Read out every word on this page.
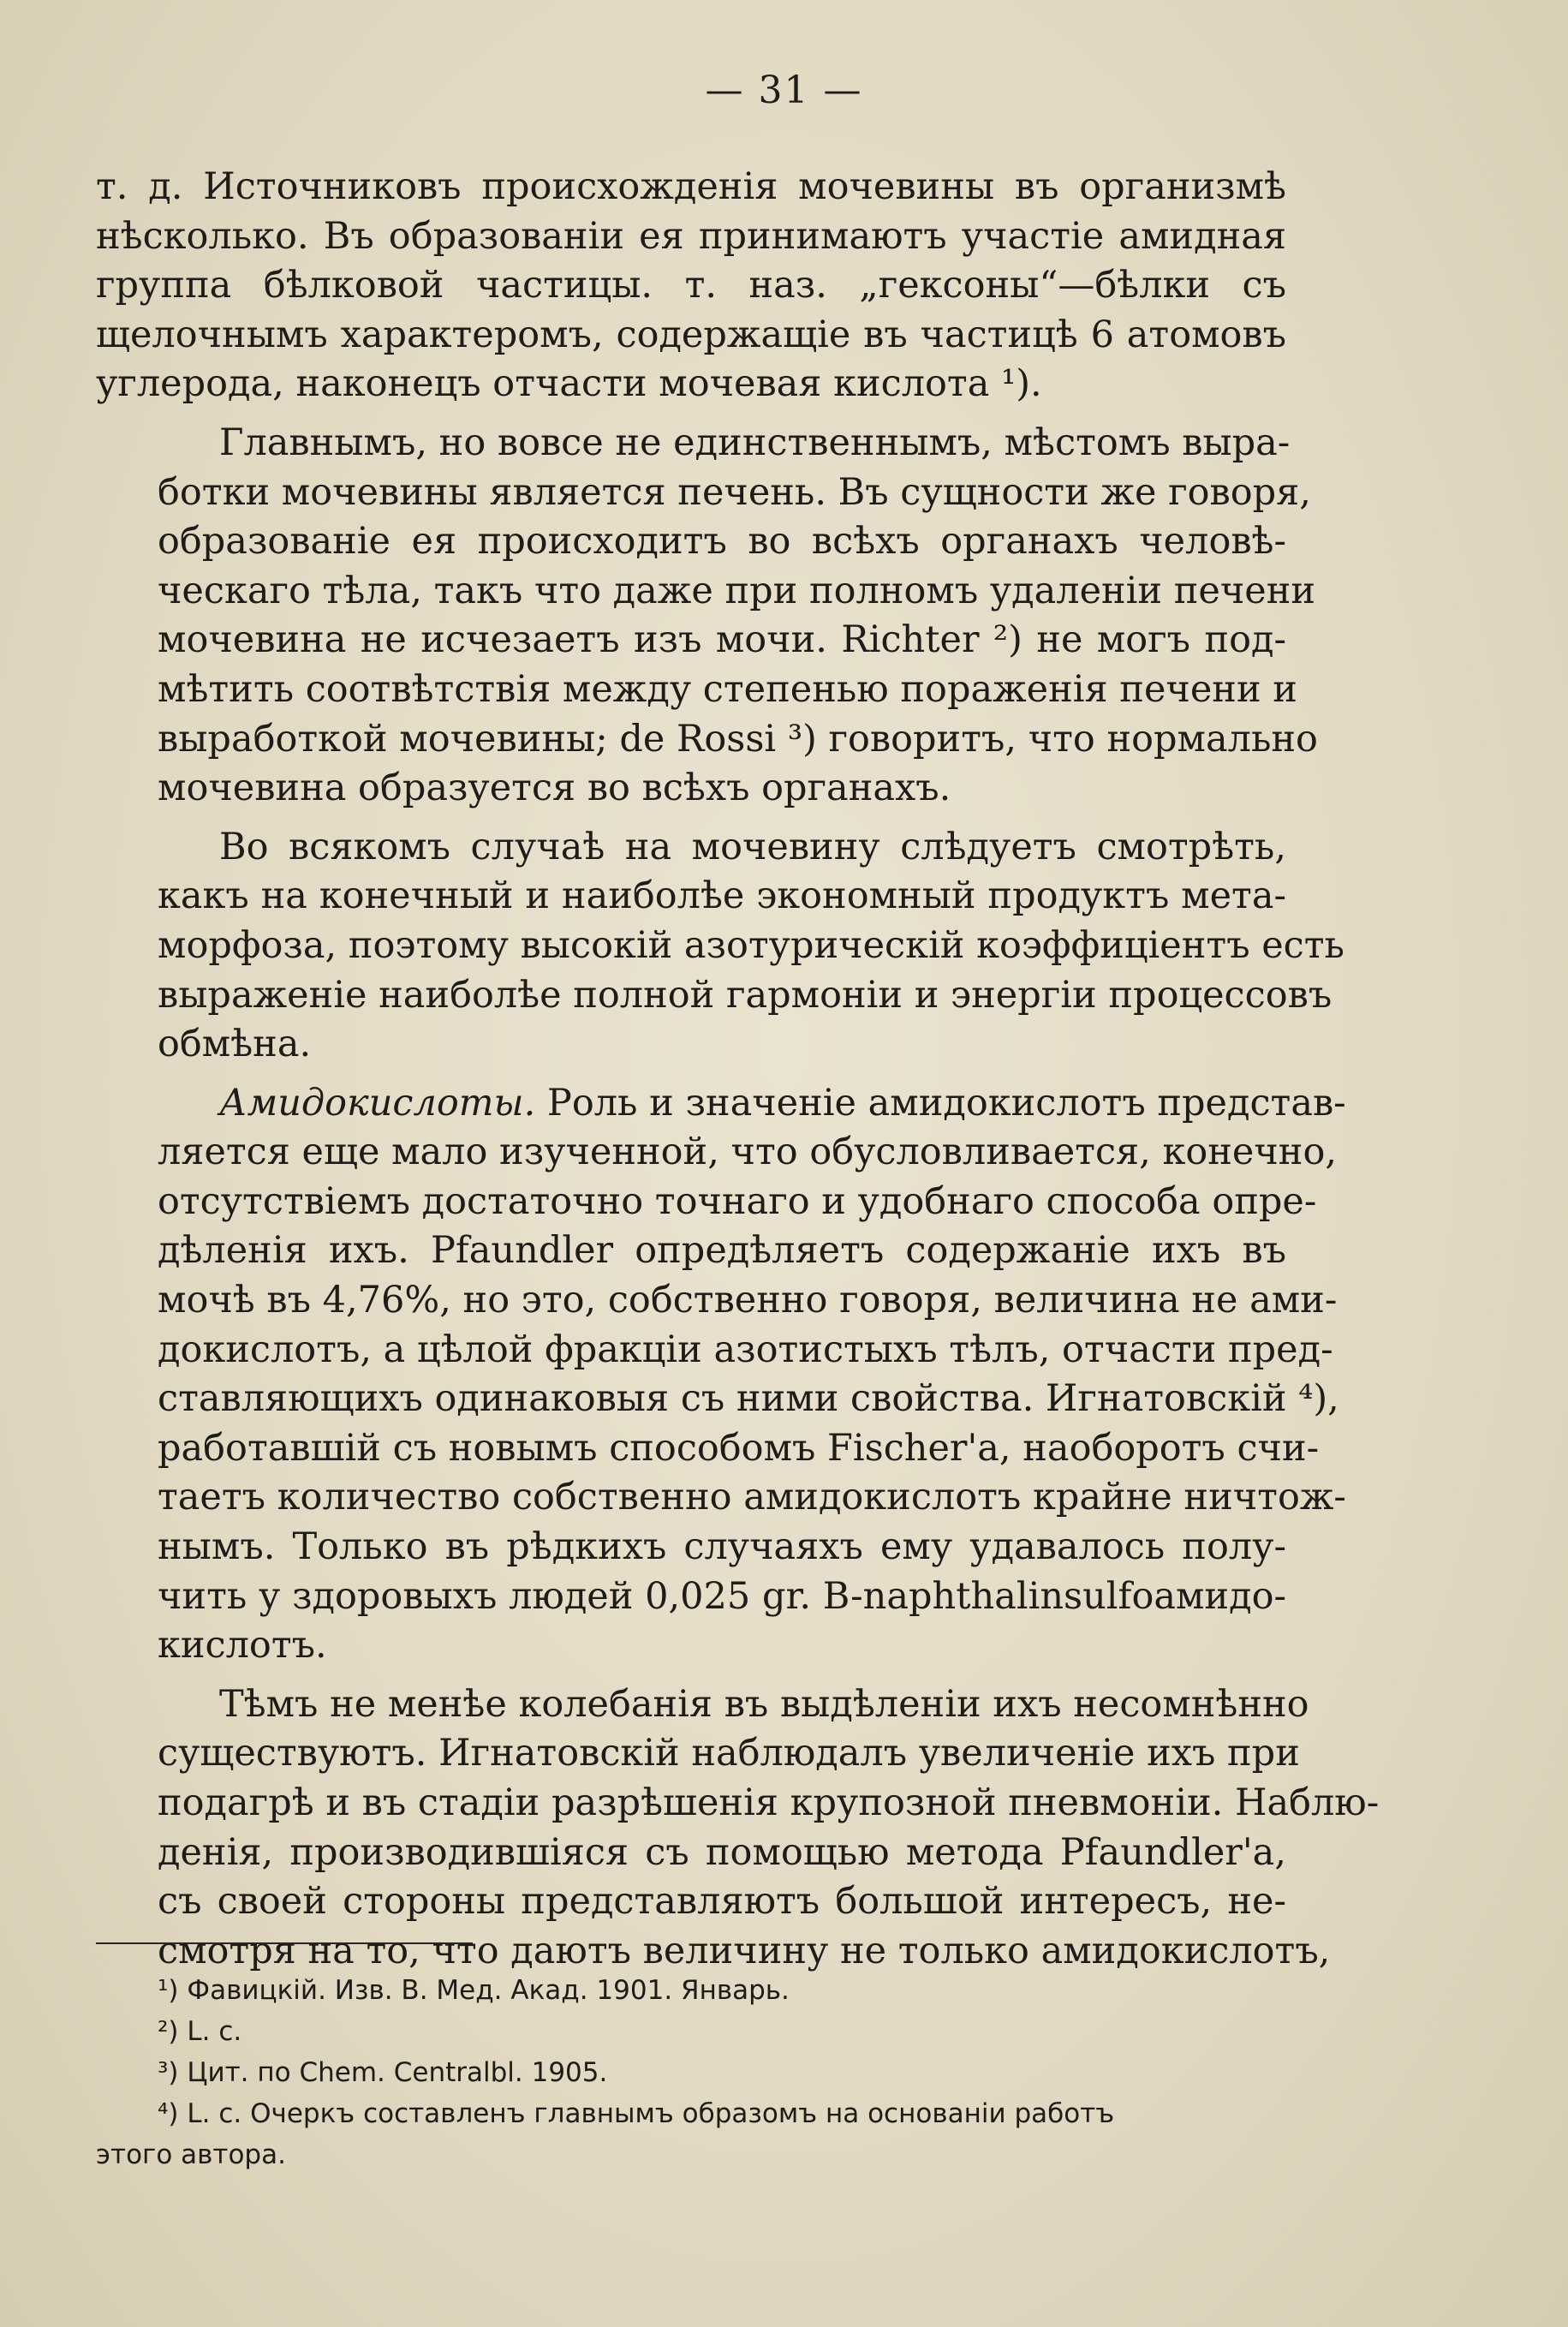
— 31 —
т. д. Источниковъ происхожденія мочевины въ организмѣ
нѣсколько. Въ образованіи ея принимаютъ участіе амидная
группа бѣлковой частицы. т. наз. „гексоны“—бѣлки съ
щелочнымъ характеромъ, содержащіе въ частицѣ 6 атомовъ
углерода, наконецъ отчасти мочевая кислота ¹).
Главнымъ, но вовсе не единственнымъ, мѣстомъ выра-
ботки мочевины является печень. Въ сущности же говоря,
образованіе ея происходитъ во всѣхъ органахъ человѣ-
ческаго тѣла, такъ что даже при полномъ удаленіи печени
мочевина не исчезаетъ изъ мочи. Richter ²) не могъ под-
мѣтить соотвѣтствія между степенью пораженія печени и
выработкой мочевины; de Rossi ³) говоритъ, что нормально
мочевина образуется во всѣхъ органахъ.
Во всякомъ случаѣ на мочевину слѣдуетъ смотрѣть,
какъ на конечный и наиболѣе экономный продуктъ мета-
морфоза, поэтому высокій азотурическій коэффиціентъ есть
выраженіе наиболѣе полной гармоніи и энергіи процессовъ
обмѣна.
Амидокислоты. Роль и значеніе амидокислотъ представ-
ляется еще мало изученной, что обусловливается, конечно,
отсутствіемъ достаточно точнаго и удобнаго способа опре-
дѣленія ихъ. Pfaundler опредѣляетъ содержаніе ихъ въ
мочѣ въ 4,76%, но это, собственно говоря, величина не ами-
докислотъ, а цѣлой фракціи азотистыхъ тѣлъ, отчасти пред-
ставляющихъ одинаковыя съ ними свойства. Игнатовскій ⁴),
работавшій съ новымъ способомъ Fischer'а, наоборотъ счи-
таетъ количество собственно амидокислотъ крайне ничтож-
нымъ. Только въ рѣдкихъ случаяхъ ему удавалось полу-
чить у здоровыхъ людей 0,025 gr. B-naphthalinsulfoамидо-
кислотъ.
Тѣмъ не менѣе колебанія въ выдѣленіи ихъ несомнѣнно
существуютъ. Игнатовскій наблюдалъ увеличеніе ихъ при
подагрѣ и въ стадіи разрѣшенія крупозной пневмоніи. Наблю-
денія, производившіяся съ помощью метода Pfaundler'а,
съ своей стороны представляютъ большой интересъ, не-
смотря на то, что даютъ величину не только амидокислотъ,
¹) Фавицкій. Изв. В. Мед. Акад. 1901. Январь.
²) L. c.
³) Цит. по Chem. Centralbl. 1905.
⁴) L. c. Очеркъ составленъ главнымъ образомъ на основаніи работъ
этого автора.
